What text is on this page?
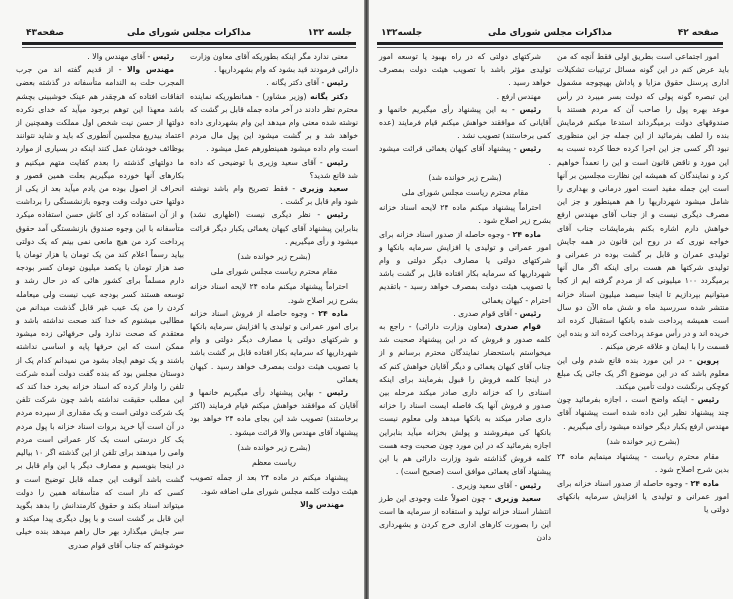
صفحه۴۳	مذاکرات مجلس شورای ملی	جلسه ۱۳۲

معنی ندارد مگر اینکه بطوریکه آقای معاون وزارت دارائی فرمودند قید بشود که وام بشهرداریها .

رئیس - آقای دکتر یگانه .

دکتر یگانه (وزیر مشاور) - همانطوریکه نماینده محترم نظر دادند در آخر ماده جمله قابل بر گشت که نوشته شده معنی وام میدهد این وام بشهرداری داده خواهد شد و بر گشت میشود این پول مال مردم است وام داده میشود همینطورهم عمل میشود .

رئیس - آقای سعید وزیری با توضیحی که داده شد قانع شدید؟

سعید وزیری - فقط تصریح وام باشد نوشته شود وام قابل بر گشت .

رئیس - نظر دیگری نیست (اظهاری نشد) بنابراین پیشنهاد آقای کیهان یغمائی یکبار دیگر قرائت میشود و رأی میگیریم .

(بشرح زیر خوانده شد)

مقام محترم ریاست مجلس شورای ملی

احتراماً پیشنهاد میکنم ماده ۲۴ لایحه اسناد خزانه بشرح زیر اصلاح شود.

ماده ۲۴ - وجوه حاصله از فروش اسناد خزانه برای امور عمرانی و تولیدی یا افزایش سرمایه بانکها و شرکتهای دولتی یا مصارف دیگر دولتی و وام شهرداریها که سرمایه بکار افتاده قابل بر گشت باشد با تصویب هیئت دولت بمصرف خواهد رسید . کیهان یغمائی

رئیس - بهاین پیشنهاد رأی میگیریم خانمها و آقایان که موافقند خواهش میکنم قیام فرمایند (اکثر برخاستند) تصویب شد این بجای ماده ۲۴ خواهد بود پیشنهاد آقای مهندس والا قرائت میشود .

(بشرح زیر خوانده شد)

ریاست معظم

پیشنهاد میکنم در ماده ۲۴ بعد از جمله تصویب هیئت دولت کلمه مجلس شورای ملی اضافه شود.

مهندس والا

رئیس - آقای مهندس والا .

مهندس والا - از قدیم گفته اند من جرب المجرب حلت به الندامه متأسفانه در گذشته بعضی اتفاقات افتاده که هرچقدر هم عینک خوشبینی بچشم باشد معهذا این توهم برجود میآید که خدای نکرده دولتها از حسن نیت شخص اول مملکت وهمچنین از اعتماد بیدریغ مجلسین آنطوری که باید و شاید نتوانند بوظائف خودشان عمل کنند اینکه در بسیاری از موارد ما دولتهای گذشته را بعدم کفایت متهم میکنیم و بکارهای آنها خورده میگیریم بعلت همین قصور و انحراف از اصول بوده من یادم میآید بعد از یکی از دولتها حتی دولت وقت وجوه بازنشستگی را برداشت و از آن استفاده کرد ای کاش حسن استفاده میکرد متأسفانه با این وجوه صندوق بازنشستگی آمد حقوق پرداخت کرد من هیچ مانعی نمی بینم که یک دولتی بیاید رسماً اعلام کند من یک تومان یا هزار تومان یا صد هزار تومان یا یکصد میلیون تومان کسر بودجه دارم مسلماً برای کشور هائی که در حال رشد و توسعه هستند کسر بودجه عیب نیست ولی میعامله کردن را من یک عیب غیر قابل گذشت میدانم من مطالبی میشنوم که خدا کند صحت نداشته باشد و معتقدم که صحت ندارد ولی حرفهائی زده میشود ممکن است که این حرفها پایه و اساسی نداشته باشند و یک توهم ایجاد بشود من نمیدانم کدام یک از دوستان مجلس بود که بنده گفت دولت آمده شرکت تلفن را وادار کرده که اسناد خزانه بخرد خدا کند که این مطلب حقیقت نداشته باشد چون شرکت تلفن یک شرکت دولتی است و یک مقداری از سپرده مردم در آن است آیا خرید بروات اسناد خزانه با پول مردم یک کار درستی است یک کار عمرانی است مردم وامی را میدهند برای تلفن از این گذشته اگر ۱۰ بیالیم در اینجا بنویسیم و مصارف دیگر یا این وام قابل بر گشت باشد آنوقت این جمله قابل توضیح است و کسی که دار است که متأسفانه همین را دولت میتواند اسناد بکند و حقوق کارمندانش را بدهد بگوید این قابل بر گشت است و با پول دیگری پیدا میکند و سر جایش میگذارد بهر حال راهم میدهد بنده خیلی خوشوقتم که جناب آقای قوام صدری

جلسه۱۳۲	مذاکرات مجلس شورای ملی	صفحه ۴۲

امور اجتماعی است بطریق اولی فقط آنچه که من باید عرض کنم در این گونه مسائل ترتیبات تشکیلات اداری پرسنل حقوق مزایا و پاداش بهیچوجه مشمول این تبصره گونه پولی که دولت بسر میبرد در رأس موعد بهره پول را صاحب آن که مردم هستند با صندوقهای دولت برمیگرداند استدعا میکنم فرمایش بنده را لطف بفرمائید از این جمله جز این منظوری نبود اگر کسی جز این اجرا کرده خطا کرده نسبت به این مورد و ناقض قانون است و این را نعمداً خواهیم کرد و نمایندگان که همیشه این نظارت مجلسین بر آنها است این جمله مفید است امور درمانی و بهداری را شامل میشود شهرداریها را هم همینطور و جز این مصرف دیگری نیست و از جناب آقای مهندس ارفع خواهش دارم اشاره بکنم بفرمایشات جناب آقای خواجه نوری که در روح این قانون در همه جایش تولیدی عمران و قابل بر گشت بوده در عمرانی و تولیدی شرکتها هم هست برای اینکه اگر مال آنها برمیگردد ۱۰۰ میلیونی که از مردم گرفته ایم از کجا میتوانیم بپردازیم تا اینجا سیصد میلیون اسناد خزانه منتشر شده سررسید ماه و شش ماه الآن دو سال است همیشه پرداخت شده بانکها استقبال کرده اند خریده اند و در رأس موعد پرداخت کرده اند و بنده این قسمت را با ایمان و علاقه عرض میکنم .

پروین - در این مورد بنده قانع شدم ولی این معلوم باشد که در این موضوع اگر یک جائی یک مبلغ کوچکی برنگشت دولت تأمین میکند.

رئیس - اینکه واضح است ، اجازه بفرمائید چون چند پیشنهاد نظیر این داده شده است پیشنهاد آقای مهندس ارفع یکبار دیگر خوانده میشود رأی میگیریم .

(بشرح زیر خوانده شد)

مقام محترم ریاست - پیشنهاد مینمایم ماده ۲۴ بدین شرح اصلاح شود .

ماده ۲۴ - وجوه حاصله از صدور اسناد خزانه برای امور عمرانی و تولیدی یا افزایش سرمایه بانکهای دولتی یا

شرکتهای دولتی که در راه بهبود یا توسعه امور تولیدی مؤثر باشد با تصویب هیئت دولت بمصرف خواهد رسید .

مهندس ارفع .

رئیس - به این پیشنهاد رأی میگیریم خانمها و آقایانی که موافقند خواهش میکنم قیام فرمایند (عده کمی برخاستند) تصویب نشد .

رئیس - پیشنهاد آقای کیهان یغمائی قرائت میشود .

(بشرح زیر خوانده شد)

مقام محترم ریاست مجلس شورای ملی

احتراماً پیشنهاد میکنم ماده ۲۴ لایحه اسناد خزانه بشرح زیر اصلاح شود .

ماده ۲۴ - وجوه حاصله از صدور اسناد خزانه برای امور عمرانی و تولیدی یا افزایش سرمایه بانکها و شرکتهای دولتی یا مصارف دیگر دولتی و وام شهرداریها که سرمایه بکار افتاده قابل بر گشت باشد با تصویب هیئت دولت بمصرف خواهد رسید - باتقدیم احترام - کیهان یغمائی

رئیس - آقای قوام صدری .

قوام صدری (معاون وزارت دارائی) - راجع به کلمه صدور و فروش که در این پیشنهاد صحبت شد میخواستم باستحضار نمایندگان محترم برسانم و از جناب آقای کیهان یغمائی و دیگر آقایان خواهش کنم که در اینجا کلمه فروش را قبول بفرمایند برای اینکه اسنادی را که خزانه داری صادر میکند مرحله بین صدور و فروش آنها یک فاصله ایست اسناد را خزانه داری صادر میکند به بانکها میدهد ولی معلوم نیست بانکها کی میفروشند و پولش بخزانه میآید بنابراین اجازه بفرمائید که در این مورد چون صحبت وجه هست کلمه فروش گذاشته شود وزارت دارائی هم با این پیشنهاد آقای یغمائی موافق است (صحیح است) .

رئیس - آقای سعید وزیری .

سعید وزیری - چون اصولاً علت وجودی این طرز انتشار اسناد خزانه تولید و استفاده از سرمایه ها است این را بصورت کارهای اداری خرج کردن و بشهرداری دادن
